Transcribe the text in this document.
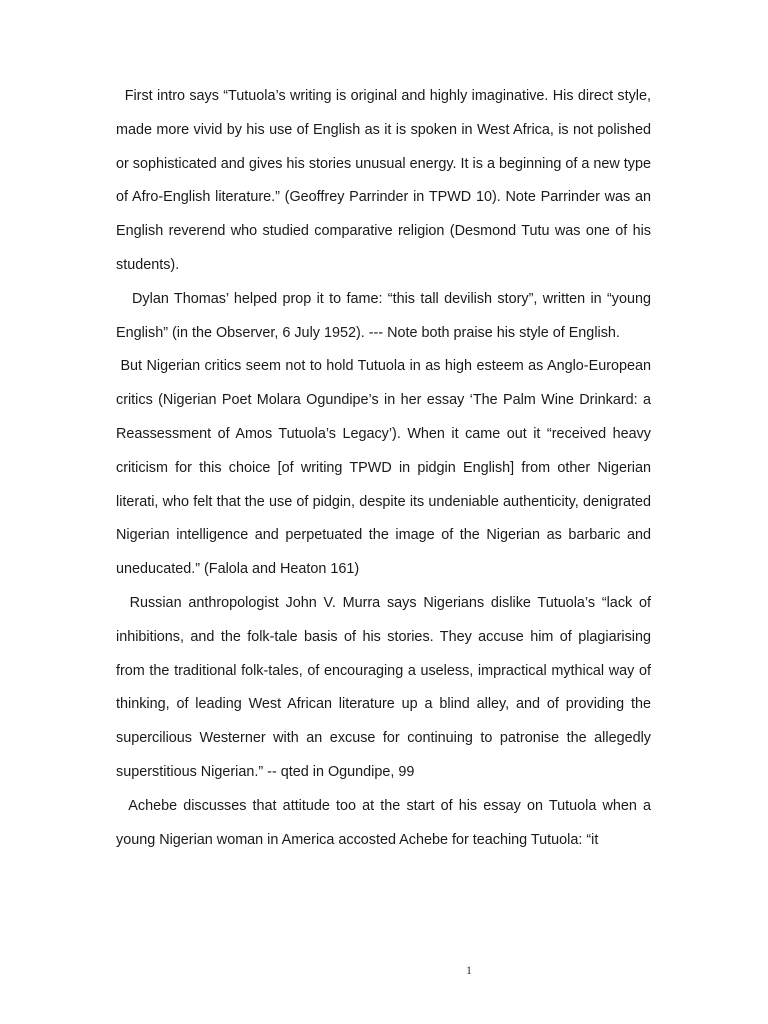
First intro says “Tutuola’s writing is original and highly imaginative. His direct style, made more vivid by his use of English as it is spoken in West Africa, is not polished or sophisticated and gives his stories unusual energy. It is a beginning of a new type of Afro-English literature.” (Geoffrey Parrinder in TPWD 10). Note Parrinder was an English reverend who studied comparative religion (Desmond Tutu was one of his students).

Dylan Thomas’ helped prop it to fame: “this tall devilish story”, written in “young English” (in the Observer, 6 July 1952). --- Note both praise his style of English.

But Nigerian critics seem not to hold Tutuola in as high esteem as Anglo-European critics (Nigerian Poet Molara Ogundipe’s in her essay ‘The Palm Wine Drinkard: a Reassessment of Amos Tutuola’s Legacy’). When it came out it “received heavy criticism for this choice [of writing TPWD in pidgin English] from other Nigerian literati, who felt that the use of pidgin, despite its undeniable authenticity, denigrated Nigerian intelligence and perpetuated the image of the Nigerian as barbaric and uneducated.” (Falola and Heaton 161)

Russian anthropologist John V. Murra says Nigerians dislike Tutuola’s “lack of inhibitions, and the folk-tale basis of his stories. They accuse him of plagiarising from the traditional folk-tales, of encouraging a useless, impractical mythical way of thinking, of leading West African literature up a blind alley, and of providing the supercilious Westerner with an excuse for continuing to patronise the allegedly superstitious Nigerian.” -- qted in Ogundipe, 99

Achebe discusses that attitude too at the start of his essay on Tutuola when a young Nigerian woman in America accosted Achebe for teaching Tutuola: “it

1
